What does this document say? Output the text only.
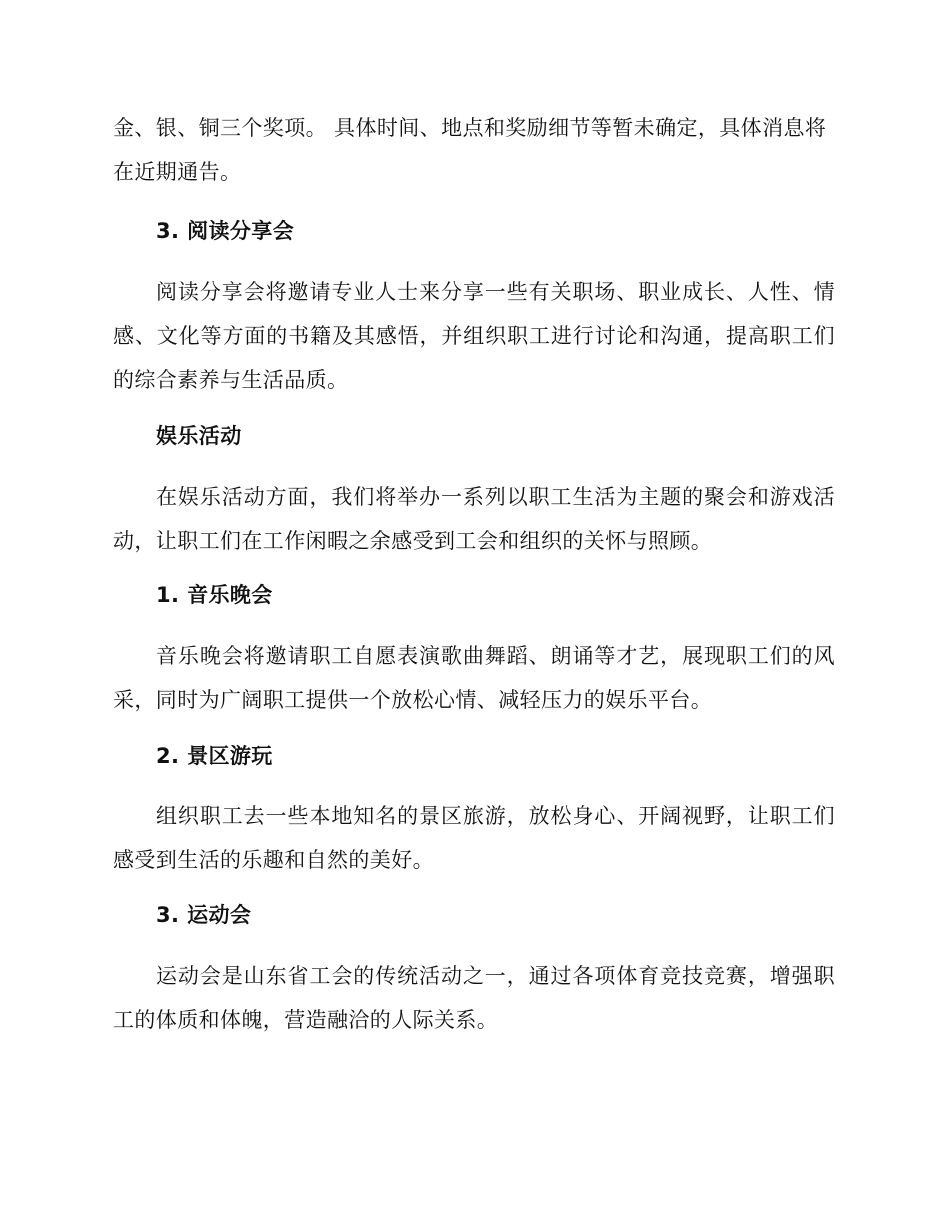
金、银、铜三个奖项。 具体时间、地点和奖励细节等暂未确定，具体消息将在近期通告。

3. 阅读分享会

阅读分享会将邀请专业人士来分享一些有关职场、职业成长、人性、情感、文化等方面的书籍及其感悟，并组织职工进行讨论和沟通，提高职工们的综合素养与生活品质。

娱乐活动

在娱乐活动方面，我们将举办一系列以职工生活为主题的聚会和游戏活动，让职工们在工作闲暇之余感受到工会和组织的关怀与照顾。

1. 音乐晚会

音乐晚会将邀请职工自愿表演歌曲舞蹈、朗诵等才艺，展现职工们的风采，同时为广阔职工提供一个放松心情、减轻压力的娱乐平台。

2. 景区游玩

组织职工去一些本地知名的景区旅游，放松身心、开阔视野，让职工们感受到生活的乐趣和自然的美好。

3. 运动会

运动会是山东省工会的传统活动之一，通过各项体育竞技竞赛，增强职工的体质和体魄，营造融洽的人际关系。
